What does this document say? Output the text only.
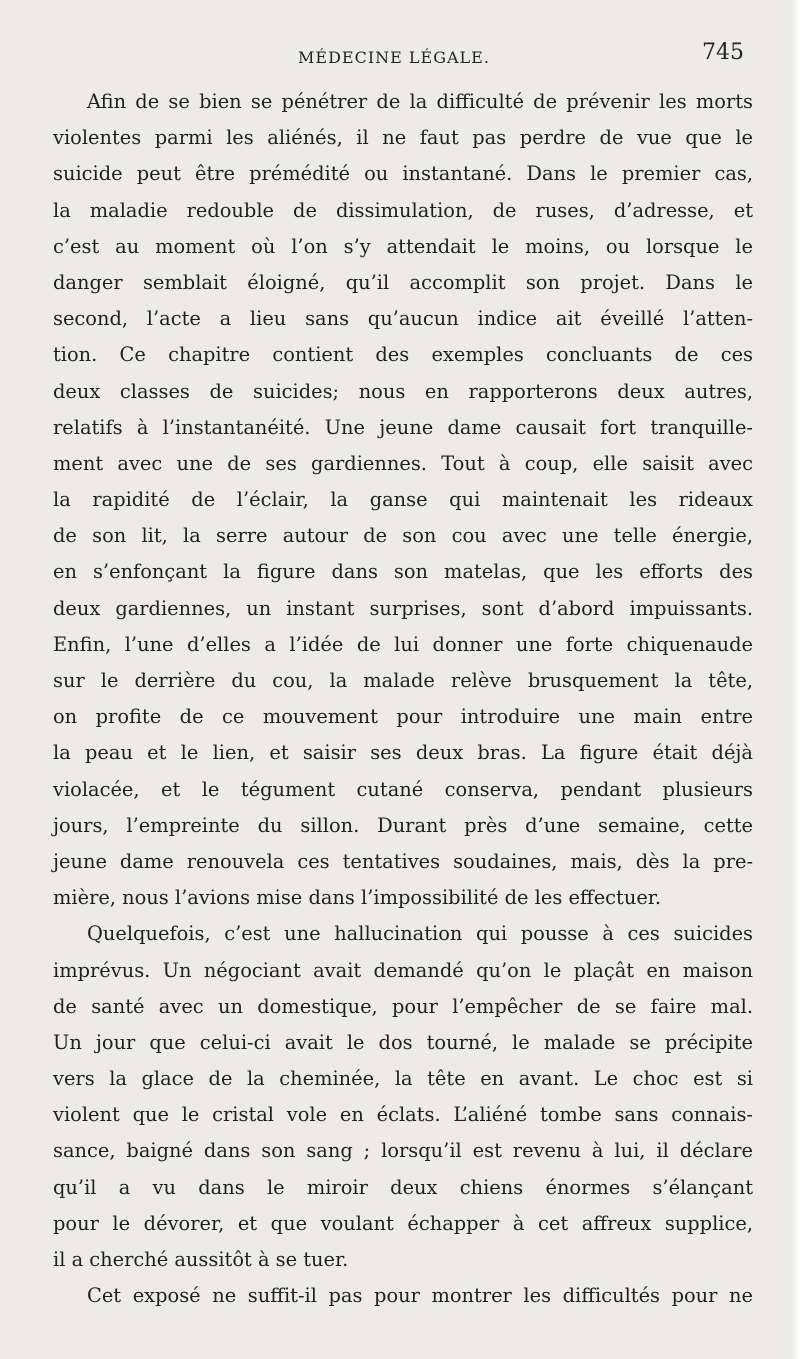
MÉDECINE LÉGALE.	745
Afin de se bien se pénétrer de la difficulté de prévenir les morts
violentes parmi les aliénés, il ne faut pas perdre de vue que le
suicide peut être prémédité ou instantané. Dans le premier cas,
la maladie redouble de dissimulation, de ruses, d’adresse, et
c’est au moment où l’on s’y attendait le moins, ou lorsque le
danger semblait éloigné, qu’il accomplit son projet. Dans le
second, l’acte a lieu sans qu’aucun indice ait éveillé l’atten-
tion. Ce chapitre contient des exemples concluants de ces
deux classes de suicides; nous en rapporterons deux autres,
relatifs à l’instantanéité. Une jeune dame causait fort tranquille-
ment avec une de ses gardiennes. Tout à coup, elle saisit avec
la rapidité de l’éclair, la ganse qui maintenait les rideaux
de son lit, la serre autour de son cou avec une telle énergie,
en s’enfonçant la figure dans son matelas, que les efforts des
deux gardiennes, un instant surprises, sont d’abord impuissants.
Enfin, l’une d’elles a l’idée de lui donner une forte chiquenaude
sur le derrière du cou, la malade relève brusquement la tête,
on profite de ce mouvement pour introduire une main entre
la peau et le lien, et saisir ses deux bras. La figure était déjà
violacée, et le tégument cutané conserva, pendant plusieurs
jours, l’empreinte du sillon. Durant près d’une semaine, cette
jeune dame renouvela ces tentatives soudaines, mais, dès la pre-
mière, nous l’avions mise dans l’impossibilité de les effectuer.
Quelquefois, c’est une hallucination qui pousse à ces suicides
imprévus. Un négociant avait demandé qu’on le plaçât en maison
de santé avec un domestique, pour l’empêcher de se faire mal.
Un jour que celui-ci avait le dos tourné, le malade se précipite
vers la glace de la cheminée, la tête en avant. Le choc est si
violent que le cristal vole en éclats. L’aliéné tombe sans connais-
sance, baigné dans son sang ; lorsqu’il est revenu à lui, il déclare
qu’il a vu dans le miroir deux chiens énormes s’élançant
pour le dévorer, et que voulant échapper à cet affreux supplice,
il a cherché aussitôt à se tuer.
Cet exposé ne suffit-il pas pour montrer les difficultés pour ne
